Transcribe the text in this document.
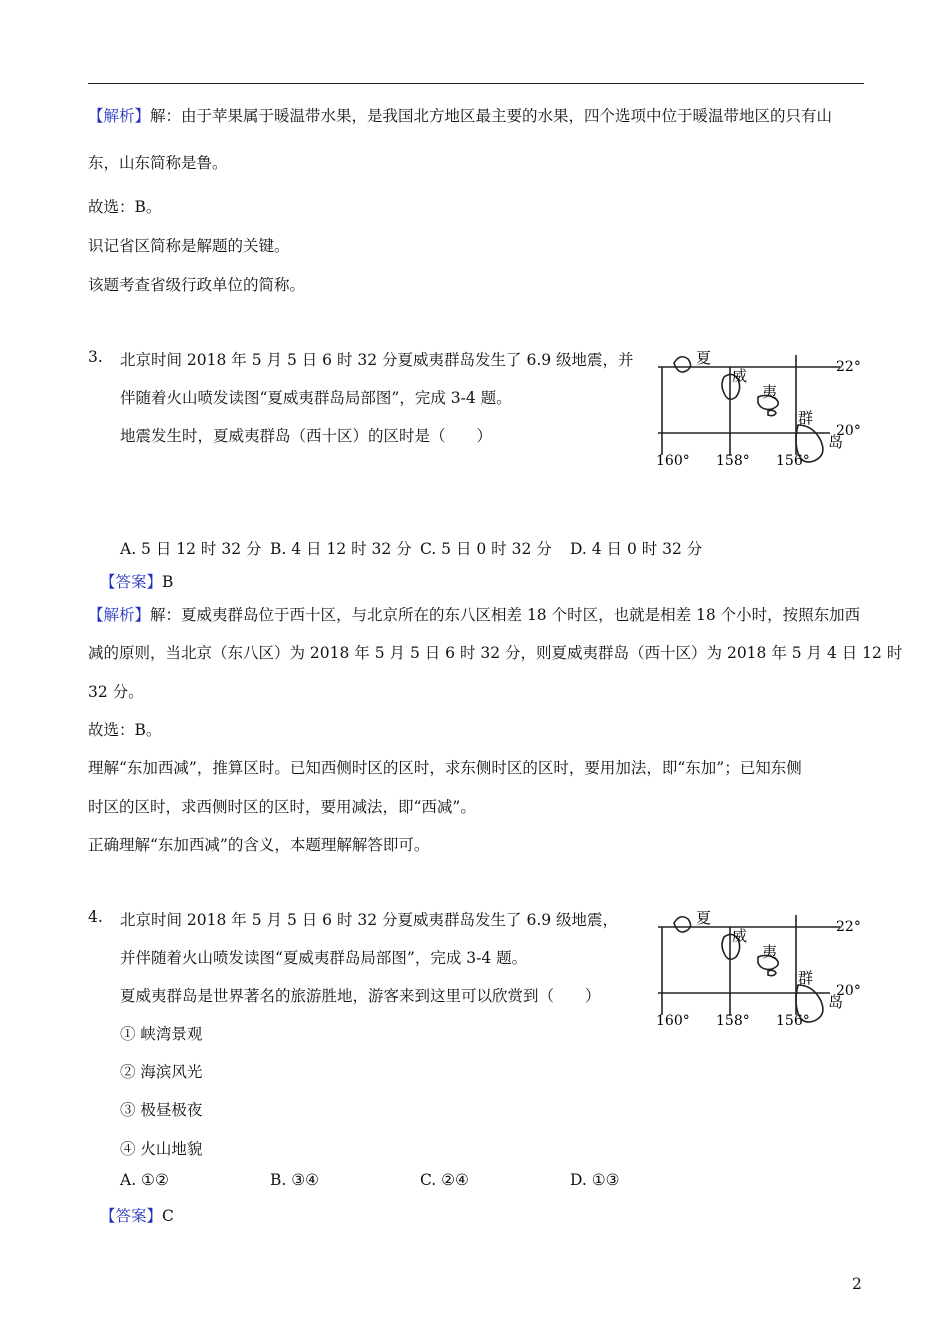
【解析】解：由于苹果属于暖温带水果，是我国北方地区最主要的水果，四个选项中位于暖温带地区的只有山
东，山东简称是鲁。
故选：B。
识记省区简称是解题的关键。
该题考查省级行政单位的简称。
3. 北京时间 2018 年 5 月 5 日 6 时 32 分夏威夷群岛发生了 6.9 级地震，并
伴随着火山喷发读图“夏威夷群岛局部图”，完成 3-4 题。
地震发生时，夏威夷群岛（西十区）的区时是（　　）
夏
威
夷
群
岛
22°
20°
160° 158° 156°
A. 5 日 12 时 32 分 B. 4 日 12 时 32 分 C. 5 日 0 时 32 分 D. 4 日 0 时 32 分
【答案】B
【解析】解：夏威夷群岛位于西十区，与北京所在的东八区相差 18 个时区，也就是相差 18 个小时，按照东加西
减的原则，当北京（东八区）为 2018 年 5 月 5 日 6 时 32 分，则夏威夷群岛（西十区）为 2018 年 5 月 4 日 12 时
32 分。
故选：B。
理解“东加西减”，推算区时。已知西侧时区的区时，求东侧时区的区时，要用加法，即“东加”；已知东侧
时区的区时，求西侧时区的区时，要用减法，即“西减”。
正确理解“东加西减”的含义，本题理解解答即可。
4. 北京时间 2018 年 5 月 5 日 6 时 32 分夏威夷群岛发生了 6.9 级地震，
并伴随着火山喷发读图“夏威夷群岛局部图”，完成 3-4 题。
夏威夷群岛是世界著名的旅游胜地，游客来到这里可以欣赏到（　　）
夏
威
夷
群
岛
22°
20°
160° 158° 156°
① 峡湾景观
② 海滨风光
③ 极昼极夜
④ 火山地貌
A. ①②	B. ③④	C. ②④	D. ①③
【答案】C
2
